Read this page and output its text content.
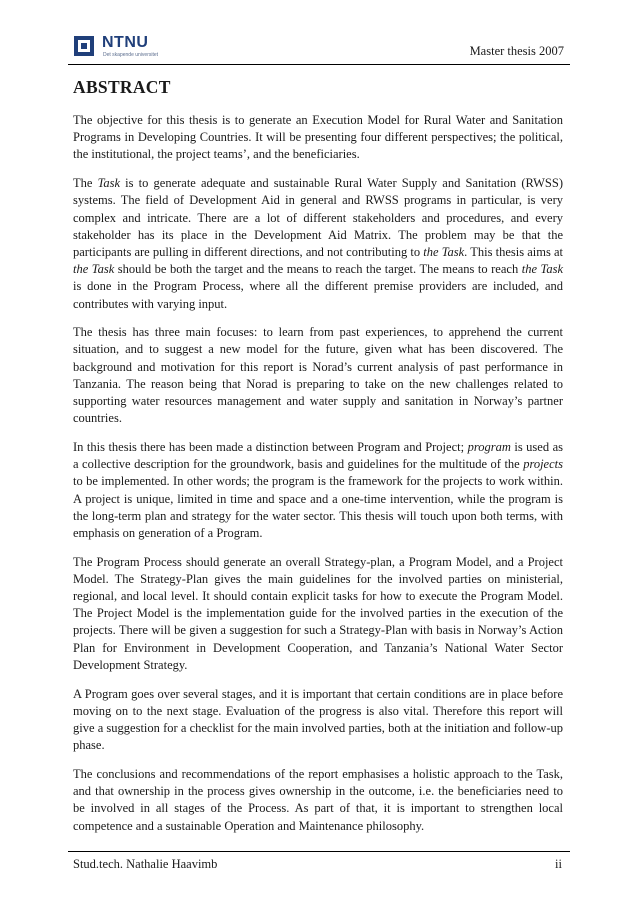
NTNU
Det skapende universitet	Master thesis 2007
ABSTRACT

The objective for this thesis is to generate an Execution Model for Rural Water and Sanitation Programs in Developing Countries. It will be presenting four different perspectives; the political, the institutional, the project teams’, and the beneficiaries.

The Task is to generate adequate and sustainable Rural Water Supply and Sanitation (RWSS) systems. The field of Development Aid in general and RWSS programs in particular, is very complex and intricate. There are a lot of different stakeholders and procedures, and every stakeholder has its place in the Development Aid Matrix. The problem may be that the participants are pulling in different directions, and not contributing to the Task. This thesis aims at the Task should be both the target and the means to reach the target. The means to reach the Task is done in the Program Process, where all the different premise providers are included, and contributes with varying input.

The thesis has three main focuses: to learn from past experiences, to apprehend the current situation, and to suggest a new model for the future, given what has been discovered. The background and motivation for this report is Norad’s current analysis of past performance in Tanzania. The reason being that Norad is preparing to take on the new challenges related to supporting water resources management and water supply and sanitation in Norway’s partner countries.

In this thesis there has been made a distinction between Program and Project; program is used as a collective description for the groundwork, basis and guidelines for the multitude of the projects to be implemented. In other words; the program is the framework for the projects to work within. A project is unique, limited in time and space and a one-time intervention, while the program is the long-term plan and strategy for the water sector. This thesis will touch upon both terms, with emphasis on generation of a Program.

The Program Process should generate an overall Strategy-plan, a Program Model, and a Project Model. The Strategy-Plan gives the main guidelines for the involved parties on ministerial, regional, and local level. It should contain explicit tasks for how to execute the Program Model. The Project Model is the implementation guide for the involved parties in the execution of the projects. There will be given a suggestion for such a Strategy-Plan with basis in Norway’s Action Plan for Environment in Development Cooperation, and Tanzania’s National Water Sector Development Strategy.

A Program goes over several stages, and it is important that certain conditions are in place before moving on to the next stage. Evaluation of the progress is also vital. Therefore this report will give a suggestion for a checklist for the main involved parties, both at the initiation and follow-up phase.

The conclusions and recommendations of the report emphasises a holistic approach to the Task, and that ownership in the process gives ownership in the outcome, i.e. the beneficiaries need to be involved in all stages of the Process. As part of that, it is important to strengthen local competence and a sustainable Operation and Maintenance philosophy.

Stud.tech. Nathalie Haavimb	ii
